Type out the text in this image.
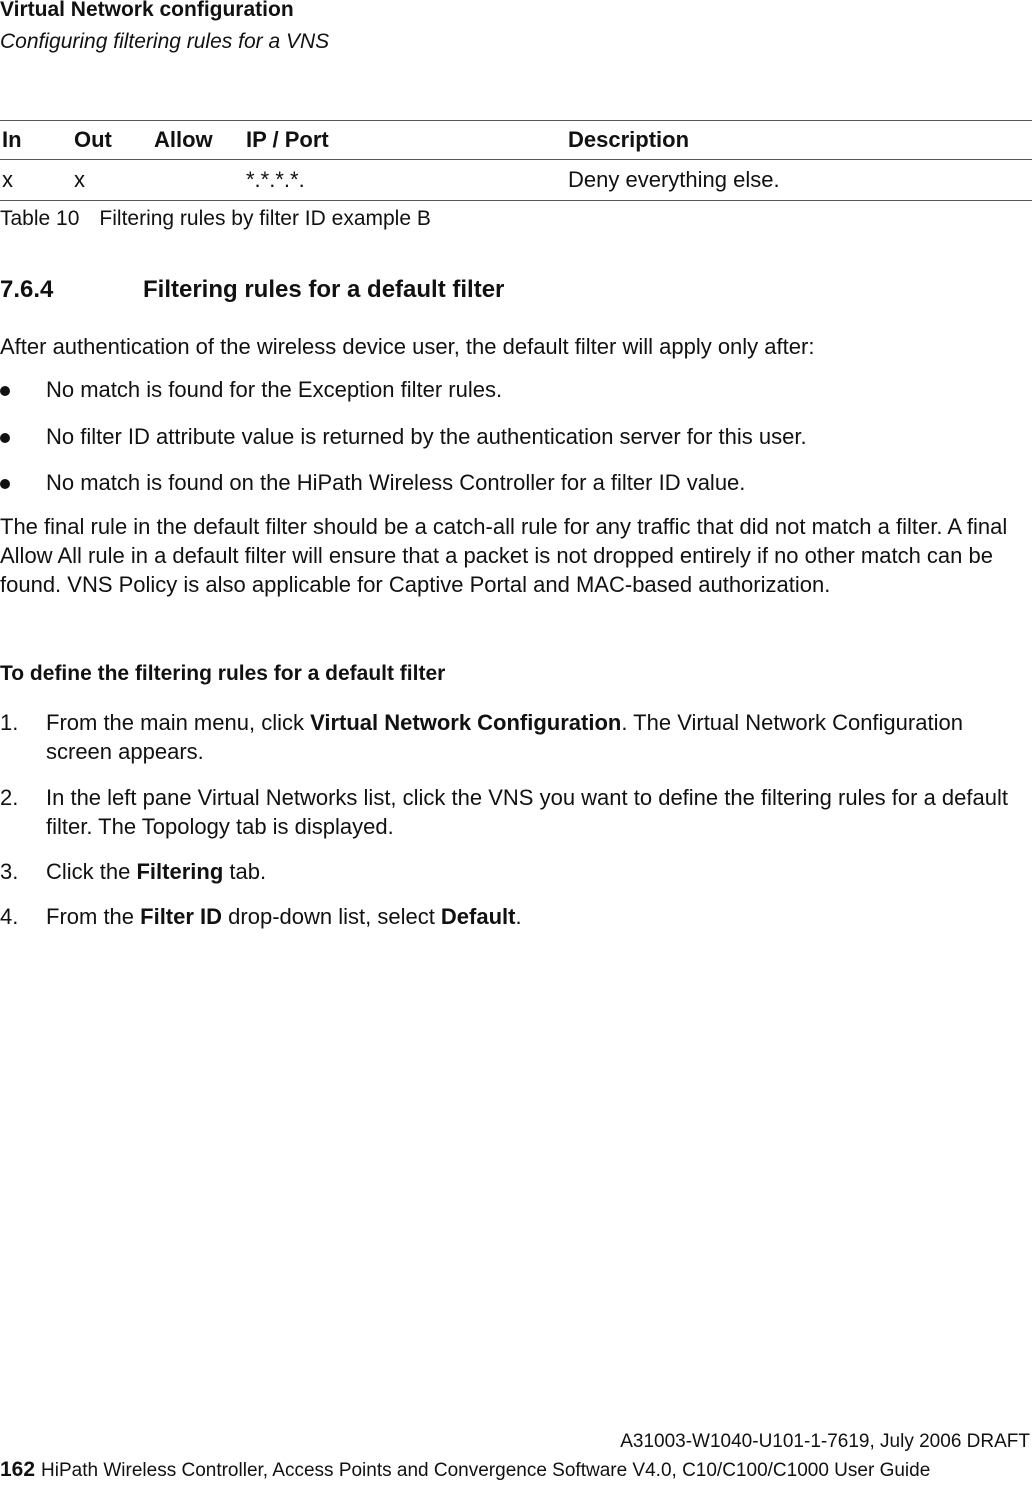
Virtual Network configuration
Configuring filtering rules for a VNS
In	Out	Allow	IP / Port	Description
x	x		*.*.*.*.	Deny everything else.
Table 10 Filtering rules by filter ID example B
7.6.4	Filtering rules for a default filter
After authentication of the wireless device user, the default filter will apply only after:
No match is found for the Exception filter rules.
No filter ID attribute value is returned by the authentication server for this user.
No match is found on the HiPath Wireless Controller for a filter ID value.
The final rule in the default filter should be a catch-all rule for any traffic that did not match a filter. A final Allow All rule in a default filter will ensure that a packet is not dropped entirely if no other match can be found. VNS Policy is also applicable for Captive Portal and MAC-based authorization.
To define the filtering rules for a default filter
1. From the main menu, click Virtual Network Configuration. The Virtual Network Configuration screen appears.
2. In the left pane Virtual Networks list, click the VNS you want to define the filtering rules for a default filter. The Topology tab is displayed.
3. Click the Filtering tab.
4. From the Filter ID drop-down list, select Default.
A31003-W1040-U101-1-7619, July 2006 DRAFT
162 HiPath Wireless Controller, Access Points and Convergence Software V4.0, C10/C100/C1000 User Guide
